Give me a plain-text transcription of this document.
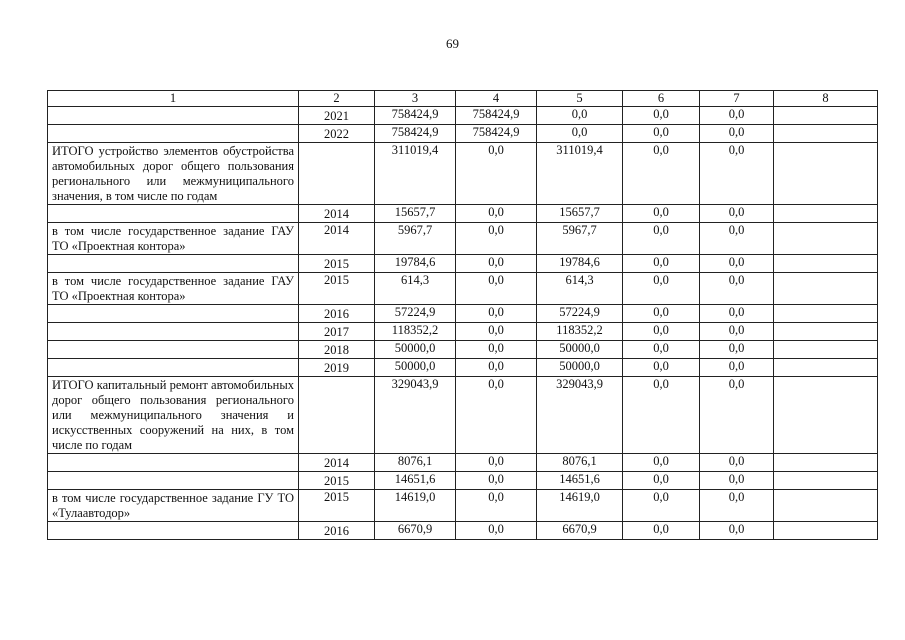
69
1	2	3	4	5	6	7	8
	2021	758424,9	758424,9	0,0	0,0	0,0	
	2022	758424,9	758424,9	0,0	0,0	0,0	
ИТОГО устройство элементов обустройства автомобильных дорог общего пользования регионального или межмуниципального значения, в том числе по годам		311019,4	0,0	311019,4	0,0	0,0	
	2014	15657,7	0,0	15657,7	0,0	0,0	
в том числе государственное задание ГАУ ТО «Проектная контора»	2014	5967,7	0,0	5967,7	0,0	0,0	
	2015	19784,6	0,0	19784,6	0,0	0,0	
в том числе государственное задание ГАУ ТО «Проектная контора»	2015	614,3	0,0	614,3	0,0	0,0	
	2016	57224,9	0,0	57224,9	0,0	0,0	
	2017	118352,2	0,0	118352,2	0,0	0,0	
	2018	50000,0	0,0	50000,0	0,0	0,0	
	2019	50000,0	0,0	50000,0	0,0	0,0	
ИТОГО капитальный ремонт автомобильных дорог общего пользования регионального или межмуниципального значения и искусственных сооружений на них, в том числе по годам		329043,9	0,0	329043,9	0,0	0,0	
	2014	8076,1	0,0	8076,1	0,0	0,0	
	2015	14651,6	0,0	14651,6	0,0	0,0	
в том числе государственное задание ГУ ТО «Тулаавтодор»	2015	14619,0	0,0	14619,0	0,0	0,0	
	2016	6670,9	0,0	6670,9	0,0	0,0	
